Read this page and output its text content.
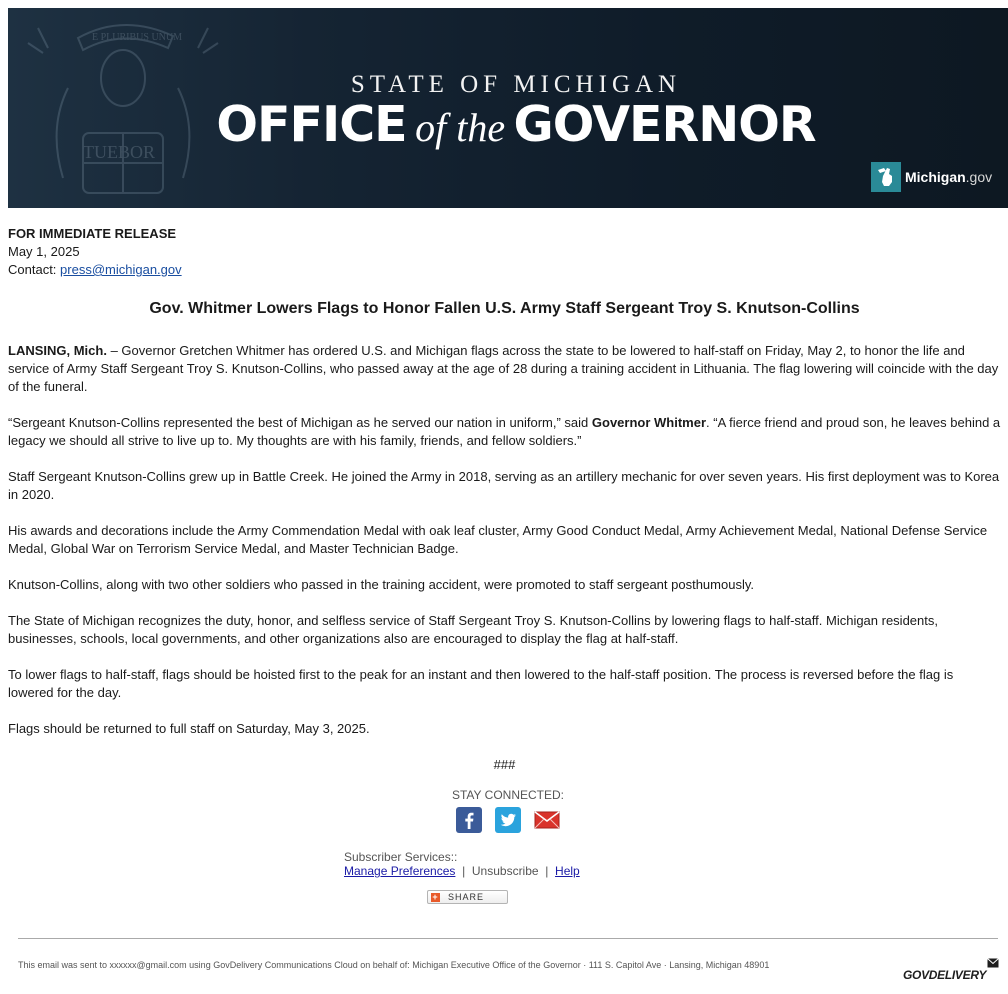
E PLURIBUS UNUM
TUEBOR
STATE OF MICHIGAN
OFFICE of the GOVERNOR
Michigan.gov
FOR IMMEDIATE RELEASE
May 1, 2025
Contact: press@michigan.gov
Gov. Whitmer Lowers Flags to Honor Fallen U.S. Army Staff Sergeant Troy S. Knutson-Collins

LANSING, Mich. – Governor Gretchen Whitmer has ordered U.S. and Michigan flags across the state to be lowered to half-staff on Friday, May 2, to honor the life and service of Army Staff Sergeant Troy S. Knutson-Collins, who passed away at the age of 28 during a training accident in Lithuania. The flag lowering will coincide with the day of the funeral.

“Sergeant Knutson-Collins represented the best of Michigan as he served our nation in uniform,” said Governor Whitmer. “A fierce friend and proud son, he leaves behind a legacy we should all strive to live up to. My thoughts are with his family, friends, and fellow soldiers.”

Staff Sergeant Knutson-Collins grew up in Battle Creek. He joined the Army in 2018, serving as an artillery mechanic for over seven years. His first deployment was to Korea in 2020.

His awards and decorations include the Army Commendation Medal with oak leaf cluster, Army Good Conduct Medal, Army Achievement Medal, National Defense Service Medal, Global War on Terrorism Service Medal, and Master Technician Badge.

Knutson-Collins, along with two other soldiers who passed in the training accident, were promoted to staff sergeant posthumously.

The State of Michigan recognizes the duty, honor, and selfless service of Staff Sergeant Troy S. Knutson-Collins by lowering flags to half-staff. Michigan residents, businesses, schools, local governments, and other organizations also are encouraged to display the flag at half-staff.

To lower flags to half-staff, flags should be hoisted first to the peak for an instant and then lowered to the half-staff position. The process is reversed before the flag is lowered for the day.

Flags should be returned to full staff on Saturday, May 3, 2025.

###
STAY CONNECTED:
Subscriber Services::
Manage Preferences | Unsubscribe | Help
+ SHARE
This email was sent to xxxxxx@gmail.com using GovDelivery Communications Cloud on behalf of: Michigan Executive Office of the Governor · 111 S. Capitol Ave · Lansing, Michigan 48901
GOVDELIVERY
